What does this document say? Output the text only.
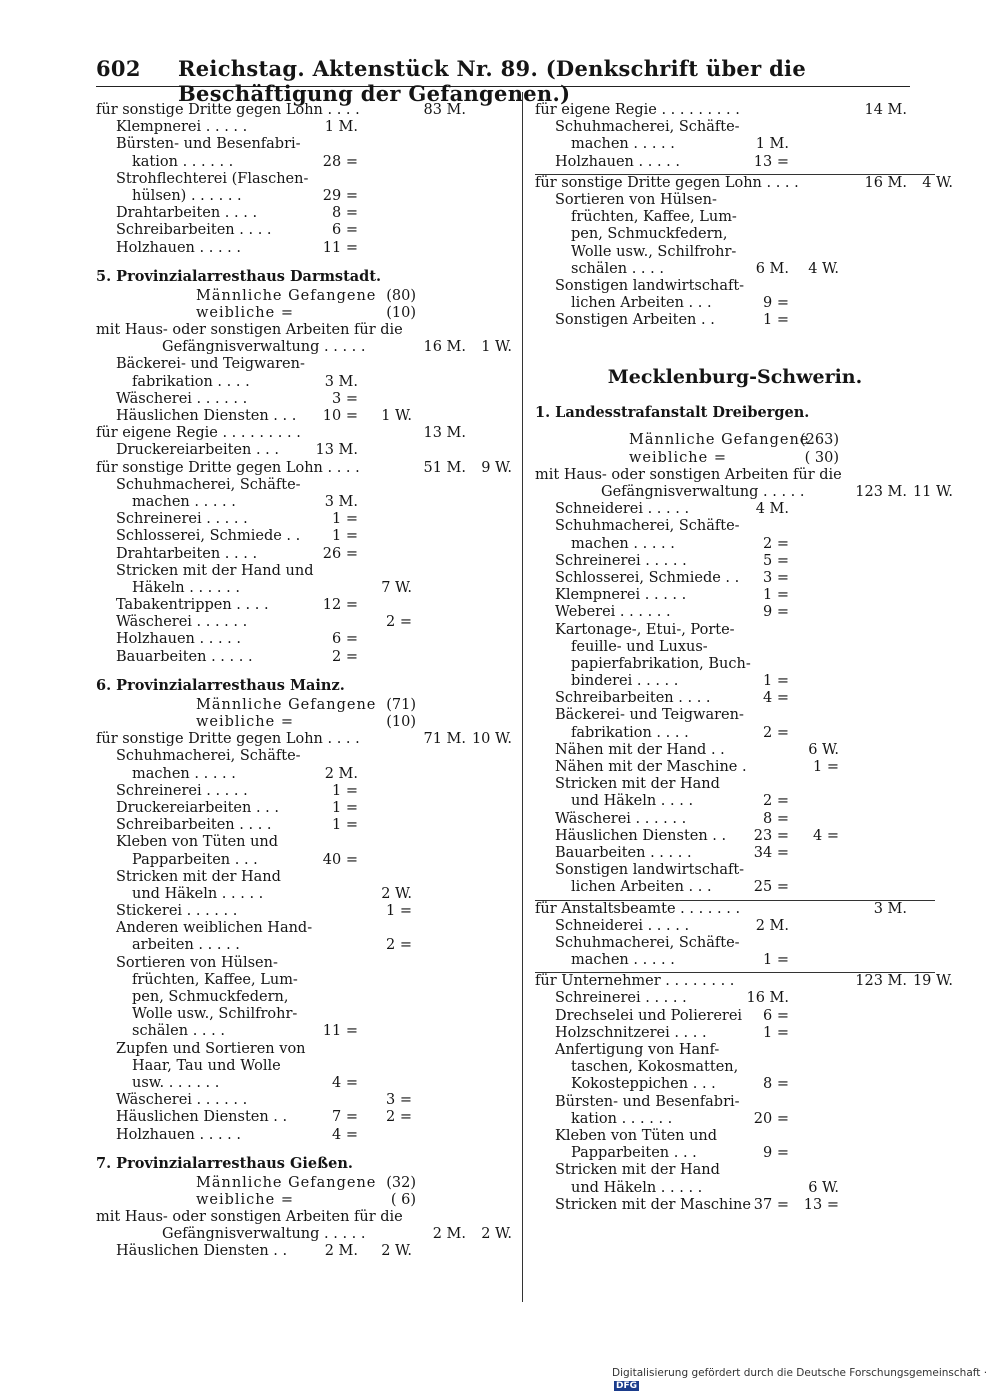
602 Reichstag. Aktenstück Nr. 89. (Denkschrift über die Beschäftigung der Gefangenen.)
für sonstige Dritte gegen Lohn . . . .	83 M.
Klempnerei . . . . .	1 M.
Bürsten- und Besenfabri-
kation . . . . . .	28 =
Strohflechterei (Flaschen-
hülsen) . . . . . .	29 =
Drahtarbeiten . . . .	8 =
Schreibarbeiten . . . .	6 =
Holzhauen . . . . .	11 =
5. Provinzialarresthaus Darmstadt.
Männliche Gefangene (80)
weibliche =	(10)
mit Haus- oder sonstigen Arbeiten für die
Gefängnisverwaltung . . . . .	16 M.	1 W.
Bäckerei- und Teigwaren-
fabrikation . . . .	3 M.
Wäscherei . . . . . .	3 =
Häuslichen Diensten . . .	10 =	1 W.
für eigene Regie . . . . . . . . .	13 M.
Druckereiarbeiten . . .	13 M.
für sonstige Dritte gegen Lohn . . . .	51 M.	9 W.
Schuhmacherei, Schäfte-
machen . . . . .	3 M.
Schreinerei . . . . .	1 =
Schlosserei, Schmiede . .	1 =
Drahtarbeiten . . . .	26 =
Stricken mit der Hand und
Häkeln . . . . . .	7 W.
Tabakentrippen . . . .	12 =
Wäscherei . . . . . .	2 =
Holzhauen . . . . .	6 =
Bauarbeiten . . . . .	2 =
6. Provinzialarresthaus Mainz.
Männliche Gefangene (71)
weibliche =	(10)
für sonstige Dritte gegen Lohn . . . .	71 M. 10 W.
Schuhmacherei, Schäfte-
machen . . . . .	2 M.
Schreinerei . . . . .	1 =
Druckereiarbeiten . . .	1 =
Schreibarbeiten . . . .	1 =
Kleben von Tüten und
Papparbeiten . . .	40 =
Stricken mit der Hand
und Häkeln . . . . .	2 W.
Stickerei . . . . . .	1 =
Anderen weiblichen Hand-
arbeiten . . . . .	2 =
Sortieren von Hülsen-
früchten, Kaffee, Lum-
pen, Schmuckfedern,
Wolle usw., Schilfrohr-
schälen . . . .	11 =
Zupfen und Sortieren von
Haar, Tau und Wolle
usw. . . . . . .	4 =
Wäscherei . . . . . .	3 =
Häuslichen Diensten . .	7 =	2 =
Holzhauen . . . . .	4 =
7. Provinzialarresthaus Gießen.
Männliche Gefangene (32)
weibliche =	( 6)
mit Haus- oder sonstigen Arbeiten für die
Gefängnisverwaltung . . . . .	2 M.	2 W.
Häuslichen Diensten . .	2 M.	2 W.
für eigene Regie . . . . . . . . .	14 M.
Schuhmacherei, Schäfte-
machen . . . . .	1 M.
Holzhauen . . . . .	13 =
für sonstige Dritte gegen Lohn . . . .	16 M.	4 W.
Sortieren von Hülsen-
früchten, Kaffee, Lum-
pen, Schmuckfedern,
Wolle usw., Schilfrohr-
schälen . . . .	6 M.	4 W.
Sonstigen landwirtschaft-
lichen Arbeiten . . .	9 =
Sonstigen Arbeiten . .	1 =
Mecklenburg-Schwerin.
1. Landesstrafanstalt Dreibergen.
Männliche Gefangene
(263)
weibliche =	( 30)
mit Haus- oder sonstigen Arbeiten für die
Gefängnisverwaltung . . . . .	123 M. 11 W.
Schneiderei . . . . .	4 M.
Schuhmacherei, Schäfte-
machen . . . . .	2 =
Schreinerei . . . . .	5 =
Schlosserei, Schmiede . .	3 =
Klempnerei . . . . .	1 =
Weberei . . . . . .	9 =
Kartonage-, Etui-, Porte-
feuille- und Luxus-
papierfabrikation, Buch-
binderei . . . . .	1 =
Schreibarbeiten . . . .	4 =
Bäckerei- und Teigwaren-
fabrikation . . . .	2 =
Nähen mit der Hand . .	6 W.
Nähen mit der Maschine .	1 =
Stricken mit der Hand
und Häkeln . . . .	2 =
Wäscherei . . . . . .	8 =
Häuslichen Diensten . .	23 =	4 =
Bauarbeiten . . . . .	34 =
Sonstigen landwirtschaft-
lichen Arbeiten . . .	25 =
für Anstaltsbeamte . . . . . . .	3 M.
Schneiderei . . . . .	2 M.
Schuhmacherei, Schäfte-
machen . . . . .	1 =
für Unternehmer . . . . . . . .	123 M. 19 W.
Schreinerei . . . . .	16 M.
Drechselei und Poliererei	6 =
Holzschnitzerei . . . .	1 =
Anfertigung von Hanf-
taschen, Kokosmatten,
Kokosteppichen . . .	8 =
Bürsten- und Besenfabri-
kation . . . . . .	20 =
Kleben von Tüten und
Papparbeiten . . .	9 =
Stricken mit der Hand
und Häkeln . . . . .	6 W.
Stricken mit der Maschine 37 =	13 =
Digitalisierung gefördert durch die Deutsche Forschungsgemeinschaft · DFG
